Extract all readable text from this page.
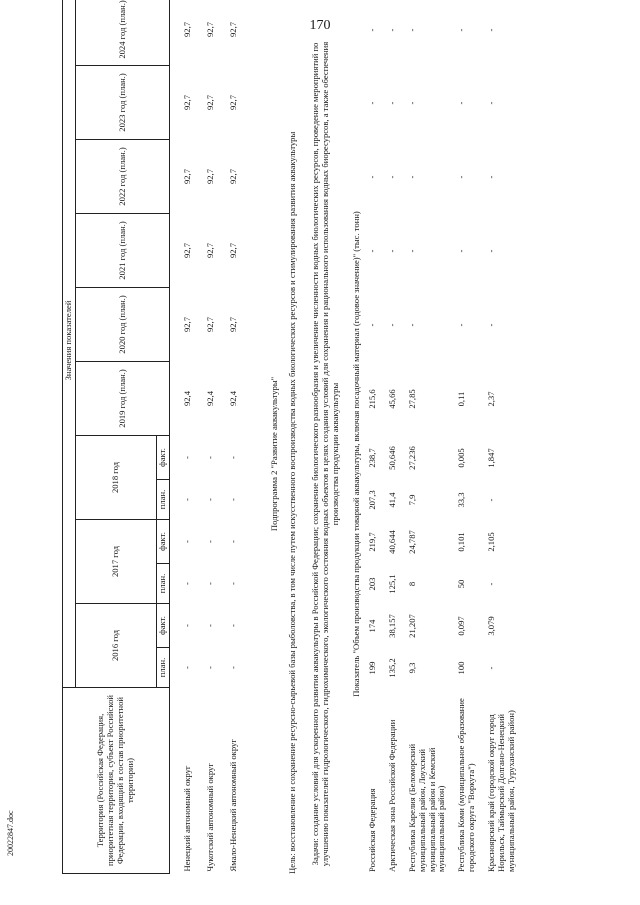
170
20022847.doc	Территория (Российская Федерация, приоритетная территория, субъект Российской Федерации, входящий в состав приоритетной территории)	Значения показателей											
	2016 год		2017 год		2018 год		2019 год (план.)	2020 год (план.)	2021 год (план.)	2022 год (план.)	2023 год (план.)	2024 год (план.)
	план.	факт.	план.	факт.	план.	факт.						
Ненецкий автономный округ	-	-	-	-	-	-	92,4	92,7	92,7	92,7	92,7	92,7
Чукотский автономный округ	-	-	-	-	-	-	92,4	92,7	92,7	92,7	92,7	92,7
Ямало-Ненецкий автономный округ	-	-	-	-	-	-	92,4	92,7	92,7	92,7	92,7	92,7
Подпрограмма 2 "Развитие аквакультуры" Цель: восстановление и сохранение ресурсно-сырьевой базы рыболовства, в том числе путем искусственного воспроизводства водных биологических ресурсов и стимулирования развития аквакультуры Задачи: создание условий для ускоренного развития аквакультуры в Российской Федерации; сохранение биологического разнообразия и увеличение численности водных биологических ресурсов, проведение мероприятий по улучшению показателей гидрологического, гидрохимического, экологического состояния водных объектов в целях создания условий для сохранения и рационального использования водных биоресурсов, а также обеспечения производства продукции аквакультуры Показатель "Объем производства продукции товарной аквакультуры, включая посадочный материал (годовое значение)" (тыс. тонн)
Российская Федерация	199	174	203	219,7	207,3	238,7	215,6	-	-	-	-	-
Арктическая зона Российской Федерации	135,2	38,157	125,1	40,644	41,4	50,646	45,66	-	-	-	-	-
Республика Карелия (Беломорский муниципальный район, Лоухский муниципальный район и Кемский муниципальный район)	9,3	21,207	8	24,787	7,9	27,236	27,85	-	-	-	-	-
Республика Коми (муниципальное образование городского округа "Воркута")	100	0,097	50	0,101	33,3	0,005	0,11	-	-	-	-	-
Красноярский край (городской округ город Норильск, Таймырский Долгано-Ненецкий муниципальный район, Туруханский район)	-	3,079	-	2,105	-	1,847	2,37	-	-	-	-	-
